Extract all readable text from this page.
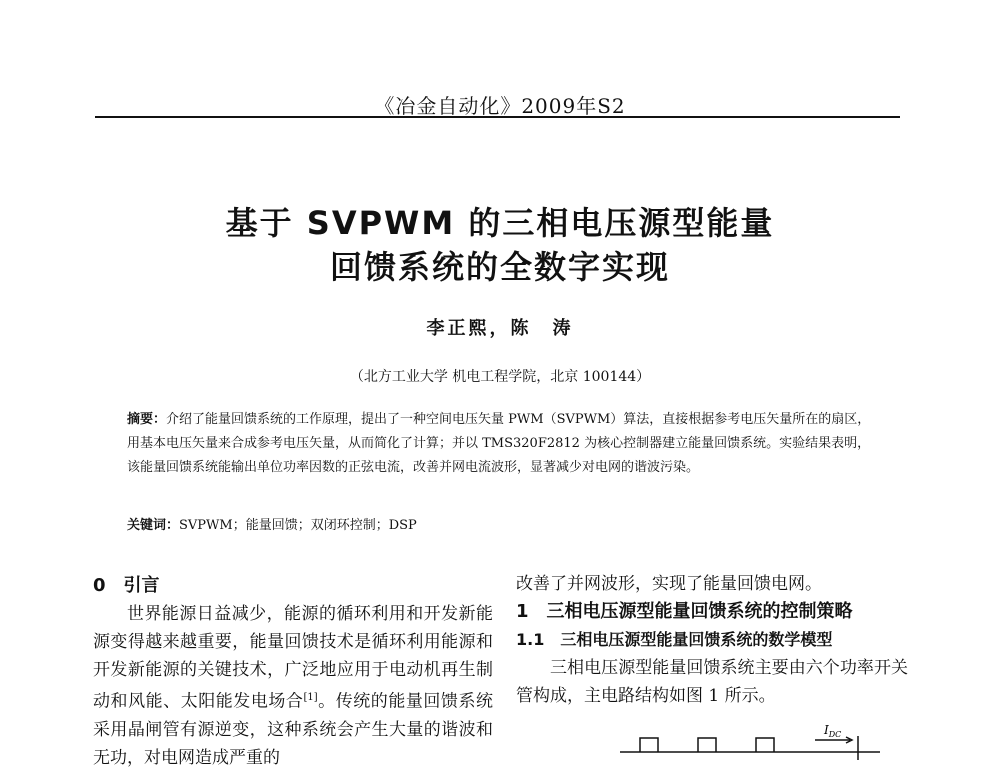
《冶金自动化》2009年S2
基于 SVPWM 的三相电压源型能量
回馈系统的全数字实现
李正熙，陈　涛
（北方工业大学 机电工程学院，北京 100144）
摘要：介绍了能量回馈系统的工作原理，提出了一种空间电压矢量 PWM（SVPWM）算法，直接根据参考电压矢量所在的扇区，用基本电压矢量来合成参考电压矢量，从而简化了计算；并以 TMS320F2812 为核心控制器建立能量回馈系统。实验结果表明，该能量回馈系统能输出单位功率因数的正弦电流，改善并网电流波形，显著减少对电网的谐波污染。
关键词：SVPWM；能量回馈；双闭环控制；DSP
0　引言
世界能源日益减少，能源的循环利用和开发新能源变得越来越重要，能量回馈技术是循环利用能源和开发新能源的关键技术，广泛地应用于电动机再生制动和风能、太阳能发电场合[1]。传统的能量回馈系统采用晶闸管有源逆变，这种系统会产生大量的谐波和无功，对电网造成严重的
改善了并网波形，实现了能量回馈电网。
1　三相电压源型能量回馈系统的控制策略
1.1　三相电压源型能量回馈系统的数学模型
三相电压源型能量回馈系统主要由六个功率开关管构成，主电路结构如图 1 所示。
$I_{DC}$
